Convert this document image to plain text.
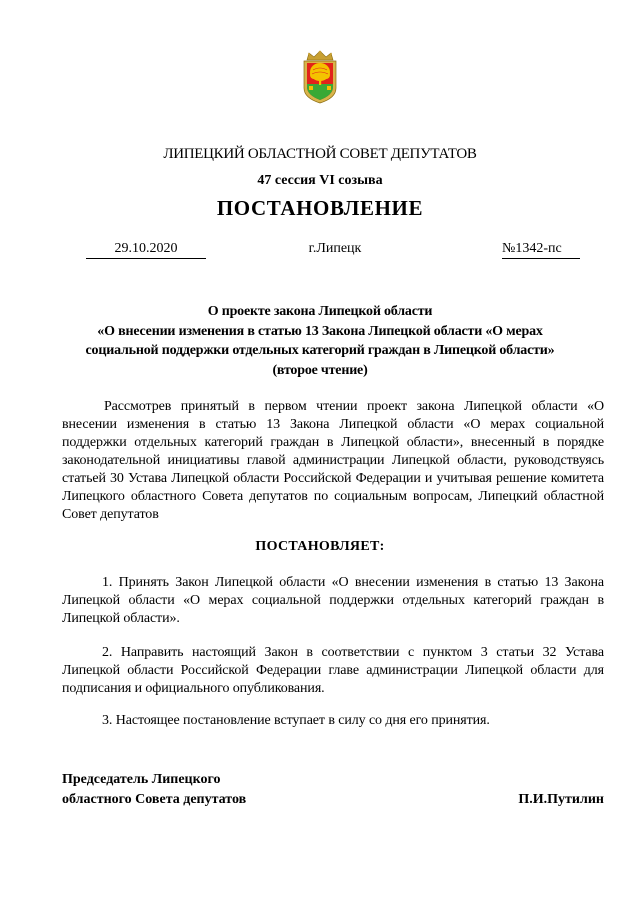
ЛИПЕЦКИЙ ОБЛАСТНОЙ СОВЕТ ДЕПУТАТОВ
47 сессия VI созыва
ПОСТАНОВЛЕНИЕ
29.10.2020	г.Липецк	№1342-пс
О проекте закона Липецкой области
«О внесении изменения в статью 13 Закона Липецкой области «О мерах
социальной поддержки отдельных категорий граждан в Липецкой области»
(второе чтение)
Рассмотрев принятый в первом чтении проект закона Липецкой области «О внесении изменения в статью 13 Закона Липецкой области «О мерах социальной поддержки отдельных категорий граждан в Липецкой области», внесенный в порядке законодательной инициативы главой администрации Липецкой области, руководствуясь статьей 30 Устава Липецкой области Российской Федерации и учитывая решение комитета Липецкого областного Совета депутатов по социальным вопросам, Липецкий областной Совет депутатов
ПОСТАНОВЛЯЕТ:
1. Принять Закон Липецкой области «О внесении изменения в статью 13 Закона Липецкой области «О мерах социальной поддержки отдельных категорий граждан в Липецкой области».
2. Направить настоящий Закон в соответствии с пунктом 3 статьи 32 Устава Липецкой области Российской Федерации главе администрации Липецкой области для подписания и официального опубликования.
3. Настоящее постановление вступает в силу со дня его принятия.
Председатель Липецкого
областного Совета депутатов	П.И.Путилин
